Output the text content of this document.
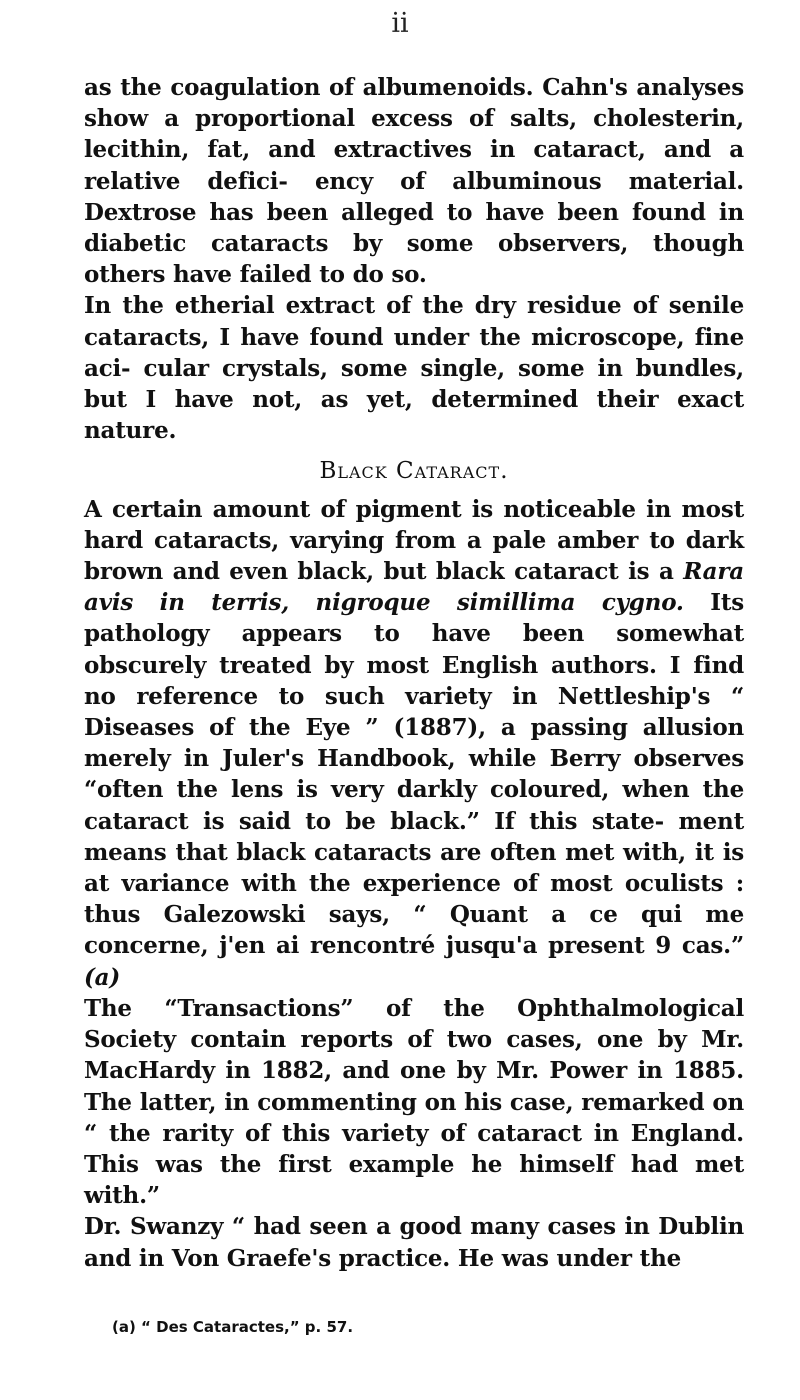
ii

as the coagulation of albumenoids. Cahn's analyses show a proportional excess of salts, cholesterin, lecithin, fat, and extractives in cataract, and a relative defici- ency of albuminous material. Dextrose has been alleged to have been found in diabetic cataracts by some observers, though others have failed to do so.

In the etherial extract of the dry residue of senile cataracts, I have found under the microscope, fine aci- cular crystals, some single, some in bundles, but I have not, as yet, determined their exact nature.

Black Cataract.

A certain amount of pigment is noticeable in most hard cataracts, varying from a pale amber to dark brown and even black, but black cataract is a Rara avis in terris, nigroque simillima cygno. Its pathology appears to have been somewhat obscurely treated by most English authors. I find no reference to such variety in Nettleship's “ Diseases of the Eye ” (1887), a passing allusion merely in Juler's Handbook, while Berry observes “often the lens is very darkly coloured, when the cataract is said to be black.” If this state- ment means that black cataracts are often met with, it is at variance with the experience of most oculists : thus Galezowski says, “ Quant a ce qui me concerne, j'en ai rencontré jusqu'a present 9 cas.” (a)

The “Transactions” of the Ophthalmological Society contain reports of two cases, one by Mr. MacHardy in 1882, and one by Mr. Power in 1885. The latter, in commenting on his case, remarked on “ the rarity of this variety of cataract in England. This was the first example he himself had met with.”

Dr. Swanzy “ had seen a good many cases in Dublin and in Von Graefe's practice. He was under the

(a) “ Des Cataractes,” p. 57.
